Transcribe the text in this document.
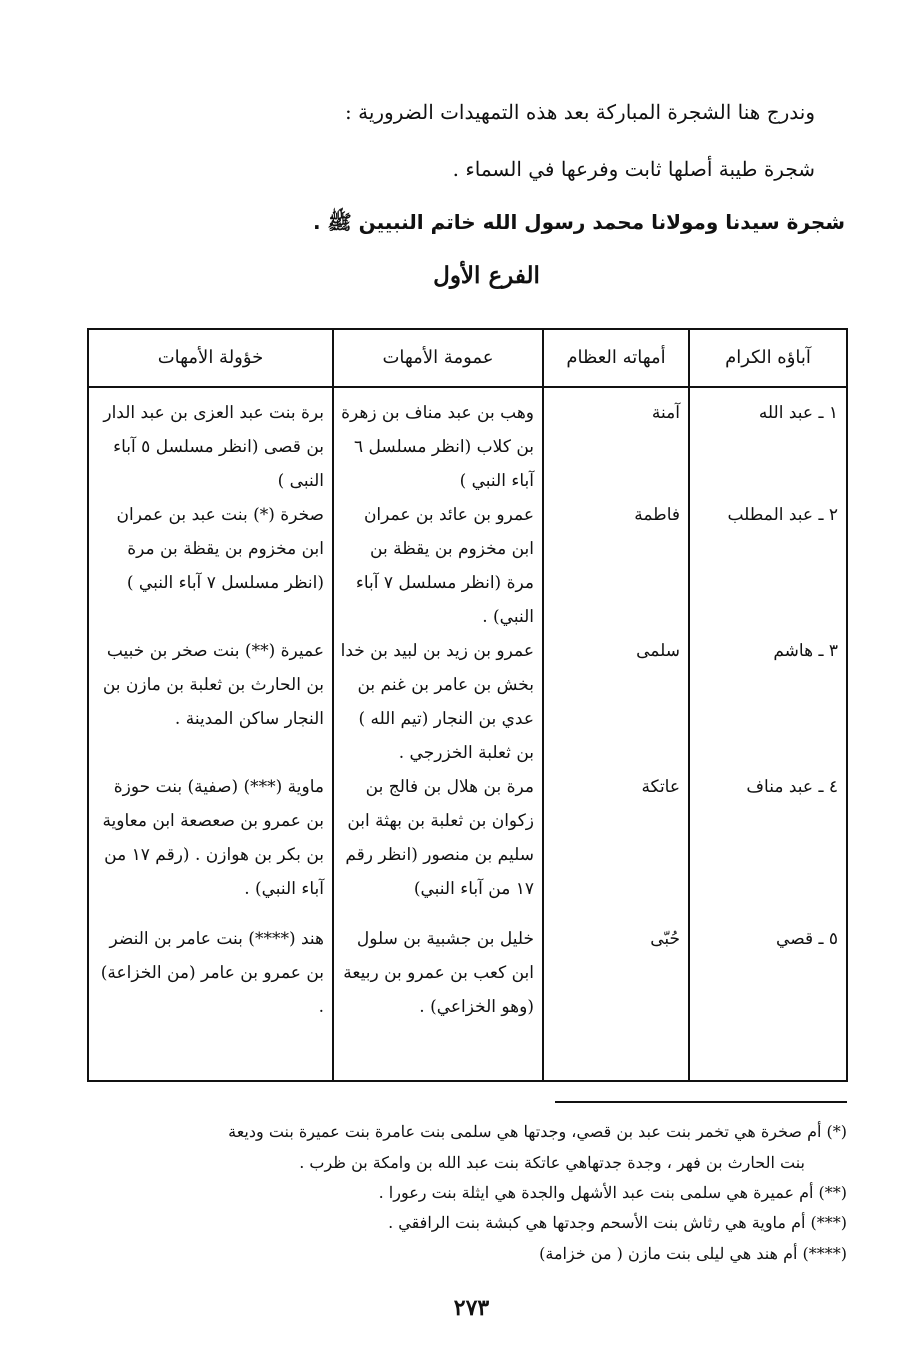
وندرج هنا الشجرة المباركة بعد هذه التمهيدات الضرورية :
شجرة طيبة أصلها ثابت وفرعها في السماء .
شجرة سيدنا ومولانا محمد رسول الله خاتم النبيين ﷺ .
الفرع الأول
آباؤه الكرام	أمهاته العظام	عمومة الأمهات	خؤولة الأمهات

١ ـ عبد الله	آمنة	وهب بن عبد مناف بن زهرة بن كلاب (انظر مسلسل ٦ آباء النبي )	برة بنت عبد العزى بن عبد الدار بن قصى (انظر مسلسل ٥ آباء النبى )
٢ ـ عبد المطلب	فاطمة	عمرو بن عائد بن عمران ابن مخزوم بن يقظة بن مرة (انظر مسلسل ٧ آباء النبي) .	صخرة (*) بنت عبد بن عمران ابن مخزوم بن يقظة بن مرة (انظر مسلسل ٧ آباء النبي )
٣ ـ هاشم	سلمى	عمرو بن زيد بن لبيد بن خدا بخش بن عامر بن غنم بن عدي بن النجار (تيم الله ) بن ثعلبة الخزرجي .	عميرة (**) بنت صخر بن خبيب بن الحارث بن ثعلبة بن مازن بن النجار ساكن المدينة .
٤ ـ عبد مناف	عاتكة	مرة بن هلال بن فالج بن زكوان بن ثعلبة بن بهثة ابن سليم بن منصور (انظر رقم ١٧ من آباء النبي)	ماوية (***) (صفية) بنت حوزة بن عمرو بن صعصعة ابن معاوية بن بكر بن هوازن . (رقم ١٧ من آباء النبي) .

٥ ـ قصي	حُبّى	خليل بن جشبية بن سلول ابن كعب بن عمرو بن ربيعة (وهو الخزاعي) .	هند (****) بنت عامر بن النضر بن عمرو بن عامر (من الخزاعة) .

(*) أم صخرة هي تخمر بنت عبد بن قصي، وجدتها هي سلمى بنت عامرة بنت عميرة بنت وديعة
بنت الحارث بن فهر ، وجدة جدتهاهي عاتكة بنت عبد الله بن وامكة بن ظرب .
(**) أم عميرة هي سلمى بنت عبد الأشهل والجدة هي ايثلة بنت رعورا .
(***) أم ماوية هي رثاش بنت الأسحم وجدتها هي كبشة بنت الرافقي .
(****) أم هند هي ليلى بنت مازن ( من خزامة)
٢٧٣
